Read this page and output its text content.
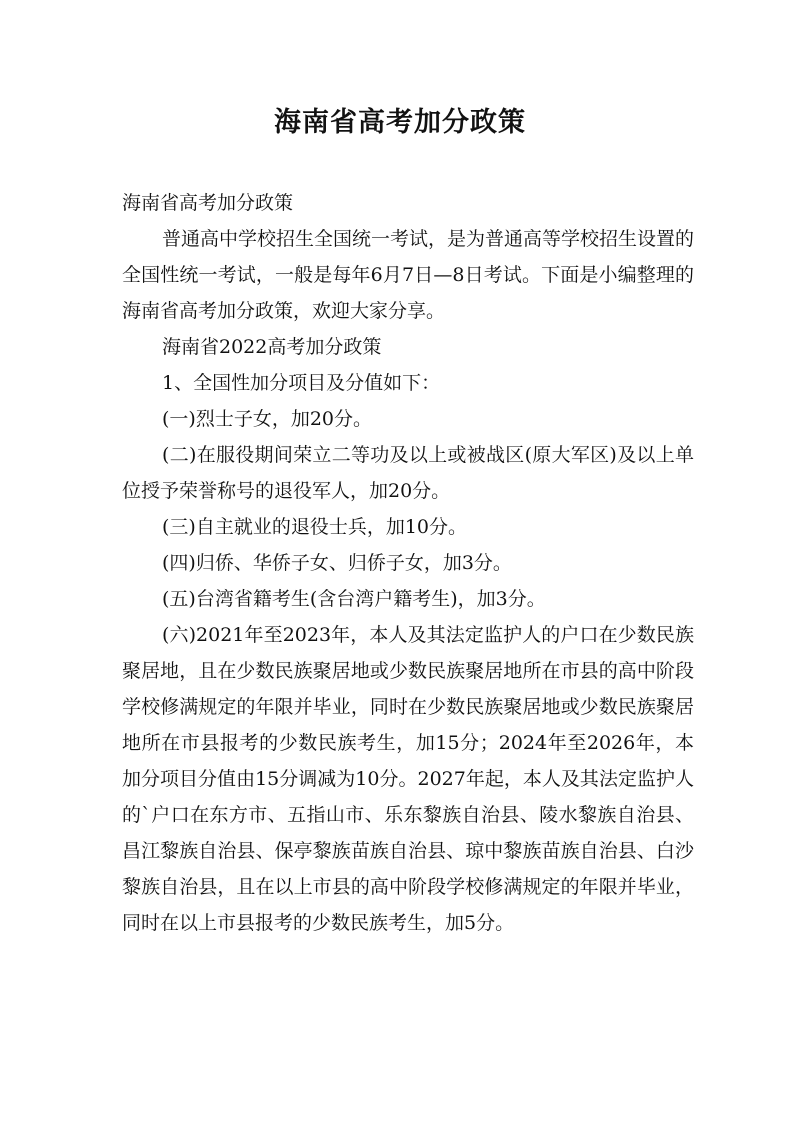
海南省高考加分政策

海南省高考加分政策

普通高中学校招生全国统一考试，是为普通高等学校招生设置的全国性统一考试，一般是每年6月7日—8日考试。下面是小编整理的海南省高考加分政策，欢迎大家分享。

海南省2022高考加分政策

1、全国性加分项目及分值如下：

(一)烈士子女，加20分。

(二)在服役期间荣立二等功及以上或被战区(原大军区)及以上单位授予荣誉称号的退役军人，加20分。

(三)自主就业的退役士兵，加10分。

(四)归侨、华侨子女、归侨子女，加3分。

(五)台湾省籍考生(含台湾户籍考生)，加3分。

(六)2021年至2023年，本人及其法定监护人的户口在少数民族聚居地，且在少数民族聚居地或少数民族聚居地所在市县的高中阶段学校修满规定的年限并毕业，同时在少数民族聚居地或少数民族聚居地所在市县报考的少数民族考生，加15分；2024年至2026年，本加分项目分值由15分调减为10分。2027年起，本人及其法定监护人的`户口在东方市、五指山市、乐东黎族自治县、陵水黎族自治县、昌江黎族自治县、保亭黎族苗族自治县、琼中黎族苗族自治县、白沙黎族自治县，且在以上市县的高中阶段学校修满规定的年限并毕业，同时在以上市县报考的少数民族考生，加5分。
